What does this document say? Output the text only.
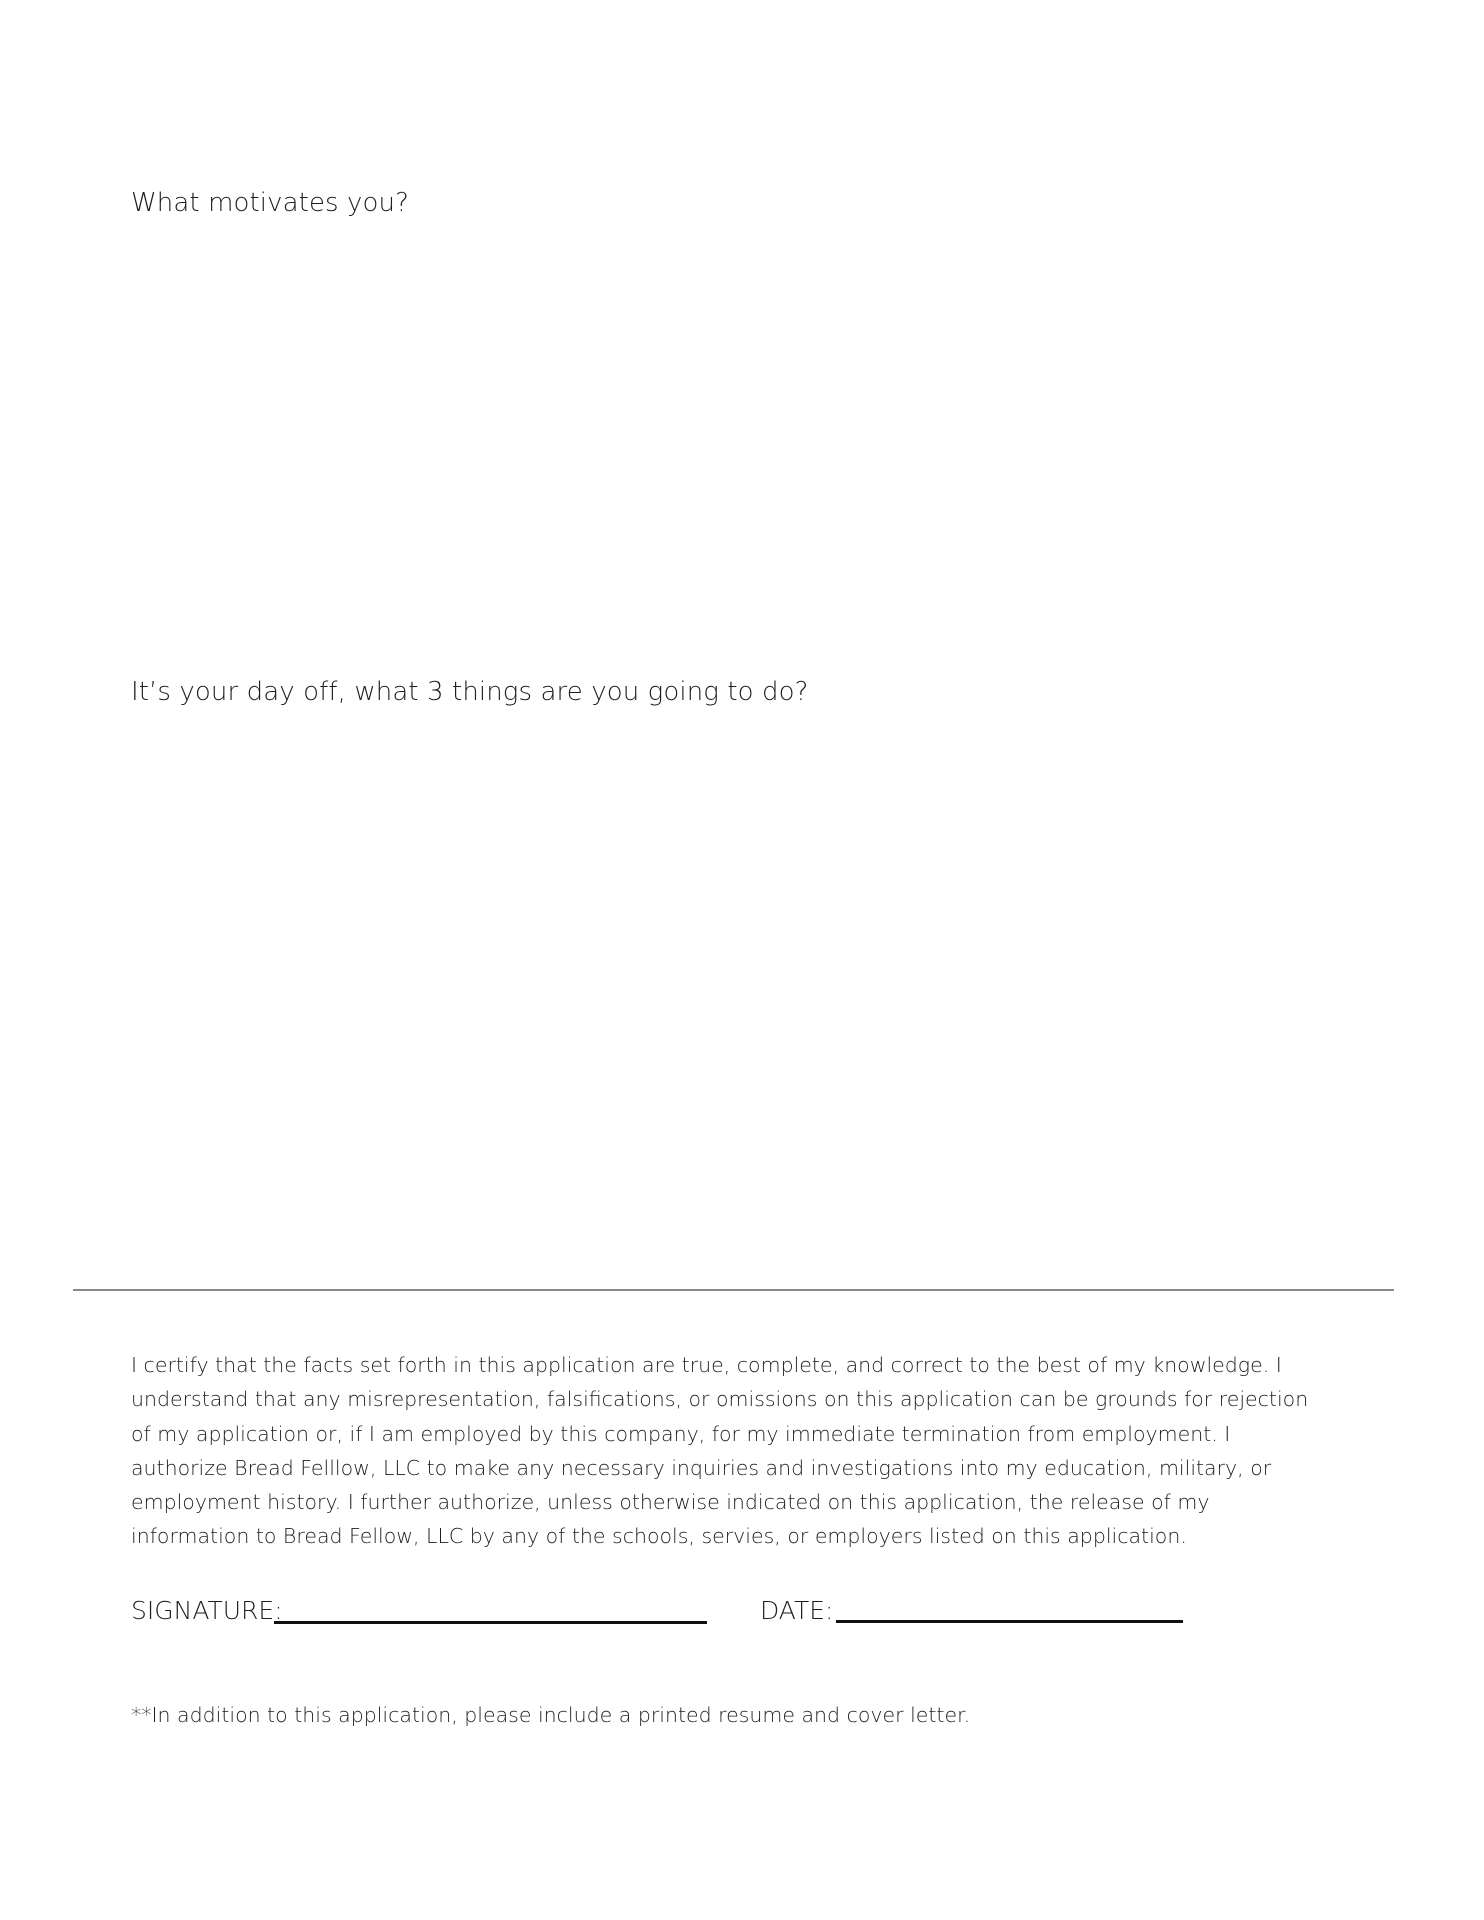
What motivates you?
It’s your day off, what 3 things are you going to do?
I certify that the facts set forth in this application are true, complete, and correct to the best of my knowledge. I understand that any misrepresentation, falsifications, or omissions on this application can be grounds for rejection of my application or, if I am employed by this company, for my immediate termination from employment. I authorize Bread Felllow, LLC to make any necessary inquiries and investigations into my education, military, or employment history. I further authorize, unless otherwise indicated on this application, the release of my information to Bread Fellow, LLC by any of the schools, servies, or employers listed on this application.
SIGNATURE:	DATE:
**In addition to this application, please include a printed resume and cover letter.
